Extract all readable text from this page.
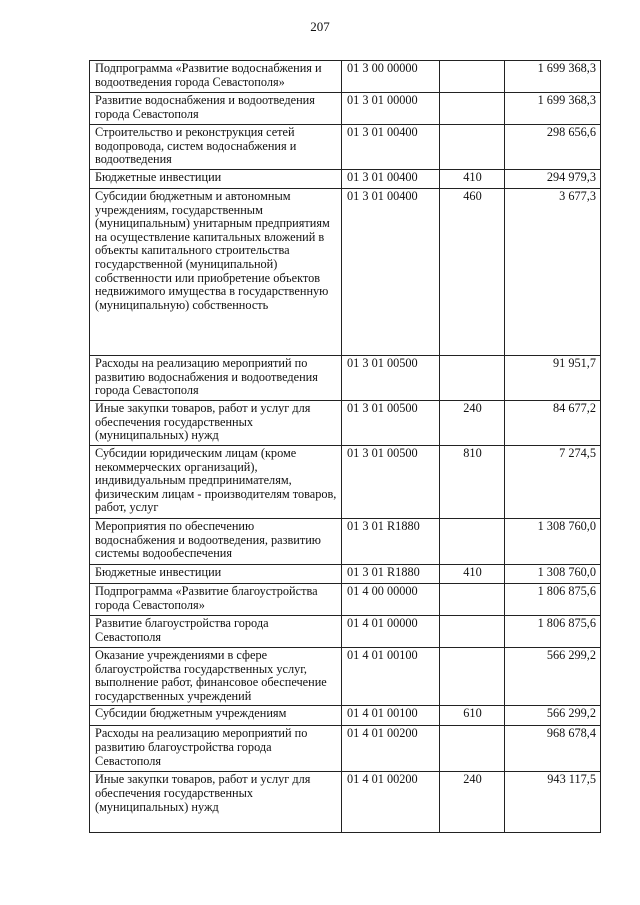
207
Подпрограмма «Развитие водоснабжения и водоотведения города Севастополя»	01 3 00 00000		1 699 368,3
Развитие водоснабжения и водоотведения города Севастополя	01 3 01 00000		1 699 368,3
Строительство и реконструкция сетей водопровода, систем водоснабжения и водоотведения	01 3 01 00400		298 656,6
Бюджетные инвестиции	01 3 01 00400	410	294 979,3
Субсидии бюджетным и автономным учреждениям, государственным (муниципальным) унитарным предприятиям на осуществление капитальных вложений в объекты капитального строительства государственной (муниципальной) собственности или приобретение объектов недвижимого имущества в государственную (муниципальную) собственность	01 3 01 00400	460	3 677,3
Расходы на реализацию мероприятий по развитию водоснабжения и водоотведения города Севастополя	01 3 01 00500		91 951,7
Иные закупки товаров, работ и услуг для обеспечения государственных (муниципальных) нужд	01 3 01 00500	240	84 677,2
Субсидии юридическим лицам (кроме некоммерческих организаций), индивидуальным предпринимателям, физическим лицам - производителям товаров, работ, услуг	01 3 01 00500	810	7 274,5
Мероприятия по обеспечению водоснабжения и водоотведения, развитию системы водообеспечения	01 3 01 R1880		1 308 760,0
Бюджетные инвестиции	01 3 01 R1880	410	1 308 760,0
Подпрограмма «Развитие благоустройства города Севастополя»	01 4 00 00000		1 806 875,6
Развитие благоустройства города Севастополя	01 4 01 00000		1 806 875,6
Оказание учреждениями в сфере благоустройства государственных услуг, выполнение работ, финансовое обеспечение государственных учреждений	01 4 01 00100		566 299,2
Субсидии бюджетным учреждениям	01 4 01 00100	610	566 299,2
Расходы на реализацию мероприятий по развитию благоустройства города Севастополя	01 4 01 00200		968 678,4
Иные закупки товаров, работ и услуг для обеспечения государственных (муниципальных) нужд	01 4 01 00200	240	943 117,5
